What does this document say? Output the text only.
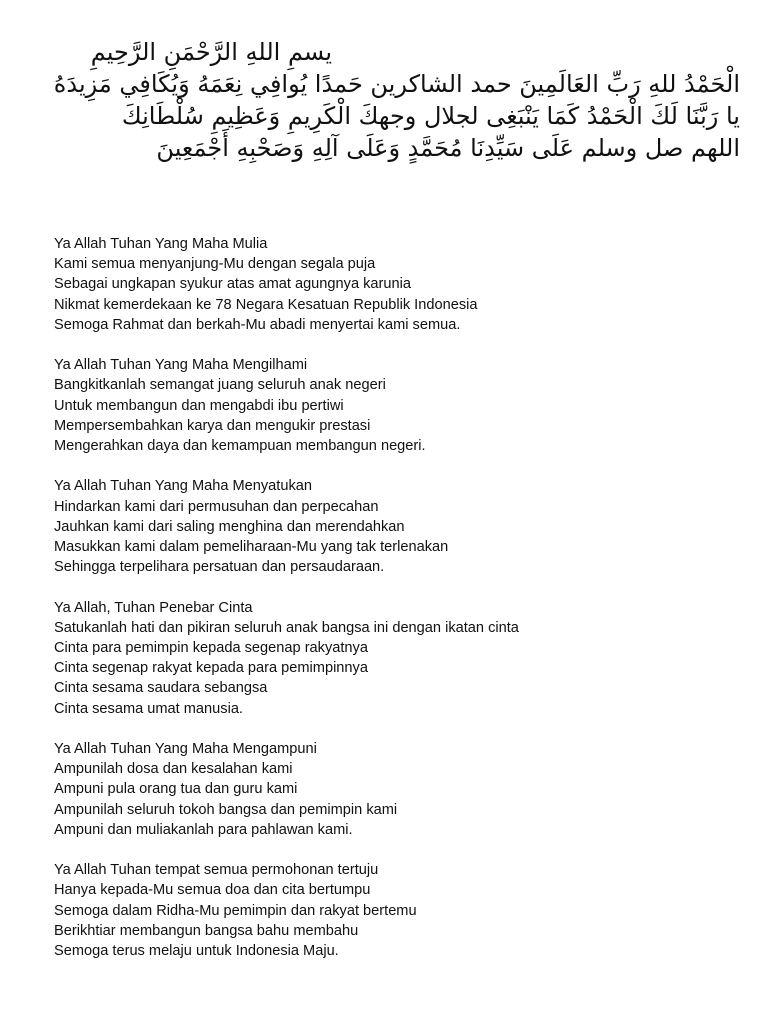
يسمِ اللهِ الرَّحْمَنِ الرَّحِيمِ

الْحَمْدُ للهِ رَبِّ العَالَمِينَ حمد الشاكرين حَمدًا يُوافِي نِعَمَهُ وَيُكَافِي مَزِيدَهُ

يا رَبَّنَا لَكَ الْحَمْدُ كَمَا يَنْبَغِى لجلال وجهكَ الْكَرِيمِ وَعَظِيمِ سُلْطَانِكَ

اللهم صل وسلم عَلَى سَيِّدِنَا مُحَمَّدٍ وَعَلَى آلِهِ وَصَحْبِهِ أَجْمَعِينَ

Ya Allah Tuhan Yang Maha Mulia
Kami semua menyanjung-Mu dengan segala puja
Sebagai ungkapan syukur atas amat agungnya karunia
Nikmat kemerdekaan ke 78 Negara Kesatuan Republik Indonesia
Semoga Rahmat dan berkah-Mu abadi menyertai kami semua.
Ya Allah Tuhan Yang Maha Mengilhami
Bangkitkanlah semangat juang seluruh anak negeri
Untuk membangun dan mengabdi ibu pertiwi
Mempersembahkan karya dan mengukir prestasi
Mengerahkan daya dan kemampuan membangun negeri.
Ya Allah Tuhan Yang Maha Menyatukan
Hindarkan kami dari permusuhan dan perpecahan
Jauhkan kami dari saling menghina dan merendahkan
Masukkan kami dalam pemeliharaan-Mu yang tak terlenakan
Sehingga terpelihara persatuan dan persaudaraan.
Ya Allah, Tuhan Penebar Cinta
Satukanlah hati dan pikiran seluruh anak bangsa ini dengan ikatan cinta
Cinta para pemimpin kepada segenap rakyatnya
Cinta segenap rakyat kepada para pemimpinnya
Cinta sesama saudara sebangsa
Cinta sesama umat manusia.
Ya Allah Tuhan Yang Maha Mengampuni
Ampunilah dosa dan kesalahan kami
Ampuni pula orang tua dan guru kami
Ampunilah seluruh tokoh bangsa dan pemimpin kami
Ampuni dan muliakanlah para pahlawan kami.
Ya Allah Tuhan tempat semua permohonan tertuju
Hanya kepada-Mu semua doa dan cita bertumpu
Semoga dalam Ridha-Mu pemimpin dan rakyat bertemu
Berikhtiar membangun bangsa bahu membahu
Semoga terus melaju untuk Indonesia Maju.
